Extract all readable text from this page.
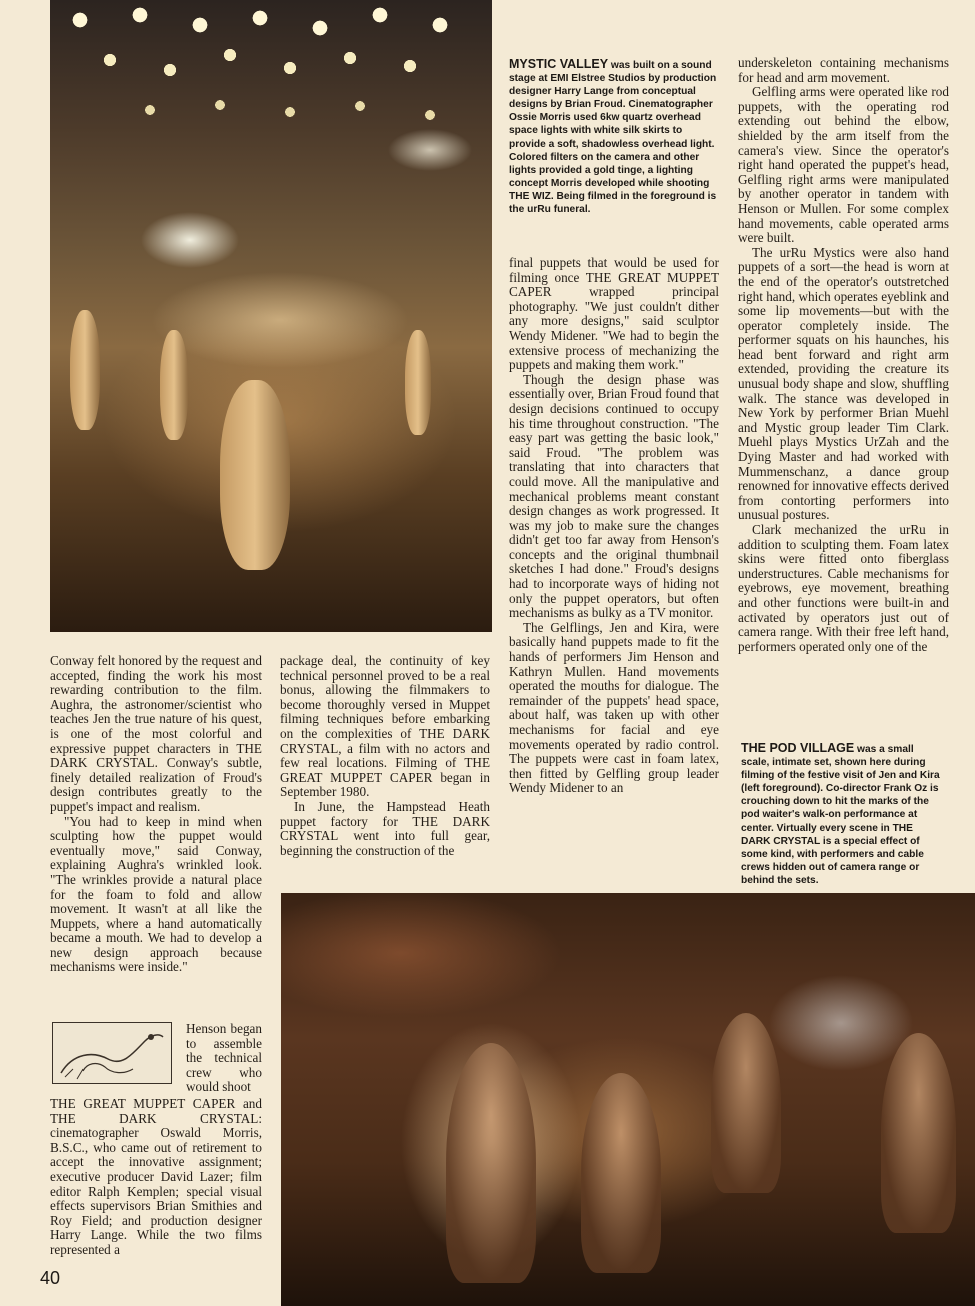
MYSTIC VALLEY was built on a sound stage at EMI Elstree Studios by production designer Harry Lange from conceptual designs by Brian Froud. Cinematographer Ossie Morris used 6kw quartz overhead space lights with white silk skirts to provide a soft, shadowless overhead light. Colored filters on the camera and other lights provided a gold tinge, a lighting concept Morris developed while shooting THE WIZ. Being filmed in the foreground is the urRu funeral.

underskeleton containing mechanisms for head and arm movement.

Gelfling arms were operated like rod puppets, with the operating rod extending out behind the elbow, shielded by the arm itself from the camera's view. Since the operator's right hand operated the puppet's head, Gelfling right arms were manipulated by another operator in tandem with Henson or Mullen. For some complex hand movements, cable operated arms were built.

The urRu Mystics were also hand puppets of a sort—the head is worn at the end of the operator's outstretched right hand, which operates eyeblink and some lip movements—but with the operator completely inside. The performer squats on his haunches, his head bent forward and right arm extended, providing the creature its unusual body shape and slow, shuffling walk. The stance was developed in New York by performer Brian Muehl and Mystic group leader Tim Clark. Muehl plays Mystics UrZah and the Dying Master and had worked with Mummenschanz, a dance group renowned for innovative effects derived from contorting performers into unusual postures.

Clark mechanized the urRu in addition to sculpting them. Foam latex skins were fitted onto fiberglass understructures. Cable mechanisms for eyebrows, eye movement, breathing and other functions were built-in and activated by operators just out of camera range. With their free left hand, performers operated only one of the

final puppets that would be used for filming once THE GREAT MUPPET CAPER wrapped principal photography. "We just couldn't dither any more designs," said sculptor Wendy Midener. "We had to begin the extensive process of mechanizing the puppets and making them work."

Though the design phase was essentially over, Brian Froud found that design decisions continued to occupy his time throughout construction. "The easy part was getting the basic look," said Froud. "The problem was translating that into characters that could move. All the manipulative and mechanical problems meant constant design changes as work progressed. It was my job to make sure the changes didn't get too far away from Henson's concepts and the original thumbnail sketches I had done." Froud's designs had to incorporate ways of hiding not only the puppet operators, but often mechanisms as bulky as a TV monitor.

The Gelflings, Jen and Kira, were basically hand puppets made to fit the hands of performers Jim Henson and Kathryn Mullen. Hand movements operated the mouths for dialogue. The remainder of the puppets' head space, about half, was taken up with other mechanisms for facial and eye movements operated by radio control. The puppets were cast in foam latex, then fitted by Gelfling group leader Wendy Midener to an

Conway felt honored by the request and accepted, finding the work his most rewarding contribution to the film. Aughra, the astronomer/scientist who teaches Jen the true nature of his quest, is one of the most colorful and expressive puppet characters in THE DARK CRYSTAL. Conway's subtle, finely detailed realization of Froud's design contributes greatly to the puppet's impact and realism.

"You had to keep in mind when sculpting how the puppet would eventually move," said Conway, explaining Aughra's wrinkled look. "The wrinkles provide a natural place for the foam to fold and allow movement. It wasn't at all like the Muppets, where a hand automatically became a mouth. We had to develop a new design approach because mechanisms were inside."

Henson began to assemble the technical crew who would shoot

THE GREAT MUPPET CAPER and THE DARK CRYSTAL: cinematographer Oswald Morris, B.S.C., who came out of retirement to accept the innovative assignment; executive producer David Lazer; film editor Ralph Kemplen; special visual effects supervisors Brian Smithies and Roy Field; and production designer Harry Lange. While the two films represented a

package deal, the continuity of key technical personnel proved to be a real bonus, allowing the filmmakers to become thoroughly versed in Muppet filming techniques before embarking on the complexities of THE DARK CRYSTAL, a film with no actors and few real locations. Filming of THE GREAT MUPPET CAPER began in September 1980.

In June, the Hampstead Heath puppet factory for THE DARK CRYSTAL went into full gear, beginning the construction of the

THE POD VILLAGE was a small scale, intimate set, shown here during filming of the festive visit of Jen and Kira (left foreground). Co-director Frank Oz is crouching down to hit the marks of the pod waiter's walk-on performance at center. Virtually every scene in THE DARK CRYSTAL is a special effect of some kind, with performers and cable crews hidden out of camera range or behind the sets.

40
